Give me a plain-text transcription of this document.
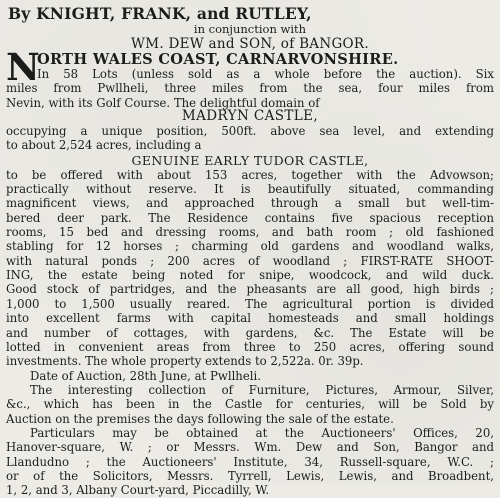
By KNIGHT, FRANK, and RUTLEY,
in conjunction with
WM. DEW and SON, of BANGOR.
N
ORTH WALES COAST, CARNARVONSHIRE.
In 58 Lots (unless sold as a whole before the auction). Six
miles from Pwllheli, three miles from the sea, four miles from
Nevin, with its Golf Course. The delightful domain of
MADRYN CASTLE,
occupying a unique position, 500ft. above sea level, and extending
to about 2,524 acres, including a
GENUINE EARLY TUDOR CASTLE,
to be offered with about 153 acres, together with the Advowson;
practically without reserve. It is beautifully situated, commanding
magnificent views, and approached through a small but well-tim-
bered deer park. The Residence contains five spacious reception
rooms, 15 bed and dressing rooms, and bath room ; old fashioned
stabling for 12 horses ; charming old gardens and woodland walks,
with natural ponds ; 200 acres of woodland ; FIRST-RATE SHOOT-
ING, the estate being noted for snipe, woodcock, and wild duck.
Good stock of partridges, and the pheasants are all good, high birds ;
1,000 to 1,500 usually reared. The agricultural portion is divided
into excellent farms with capital homesteads and small holdings
and number of cottages, with gardens, &c. The Estate will be
lotted in convenient areas from three to 250 acres, offering sound
investments. The whole property extends to 2,522a. 0r. 39p.
Date of Auction, 28th June, at Pwllheli.
The interesting collection of Furniture, Pictures, Armour, Silver,
&c., which has been in the Castle for centuries, will be Sold by
Auction on the premises the days following the sale of the estate.
Particulars may be obtained at the Auctioneers' Offices, 20,
Hanover-square, W. ; or Messrs. Wm. Dew and Son, Bangor and
Llandudno ; the Auctioneers' Institute, 34, Russell-square, W.C. ;
or of the Solicitors, Messrs. Tyrrell, Lewis, Lewis, and Broadbent,
1, 2, and 3, Albany Court-yard, Piccadilly, W.
